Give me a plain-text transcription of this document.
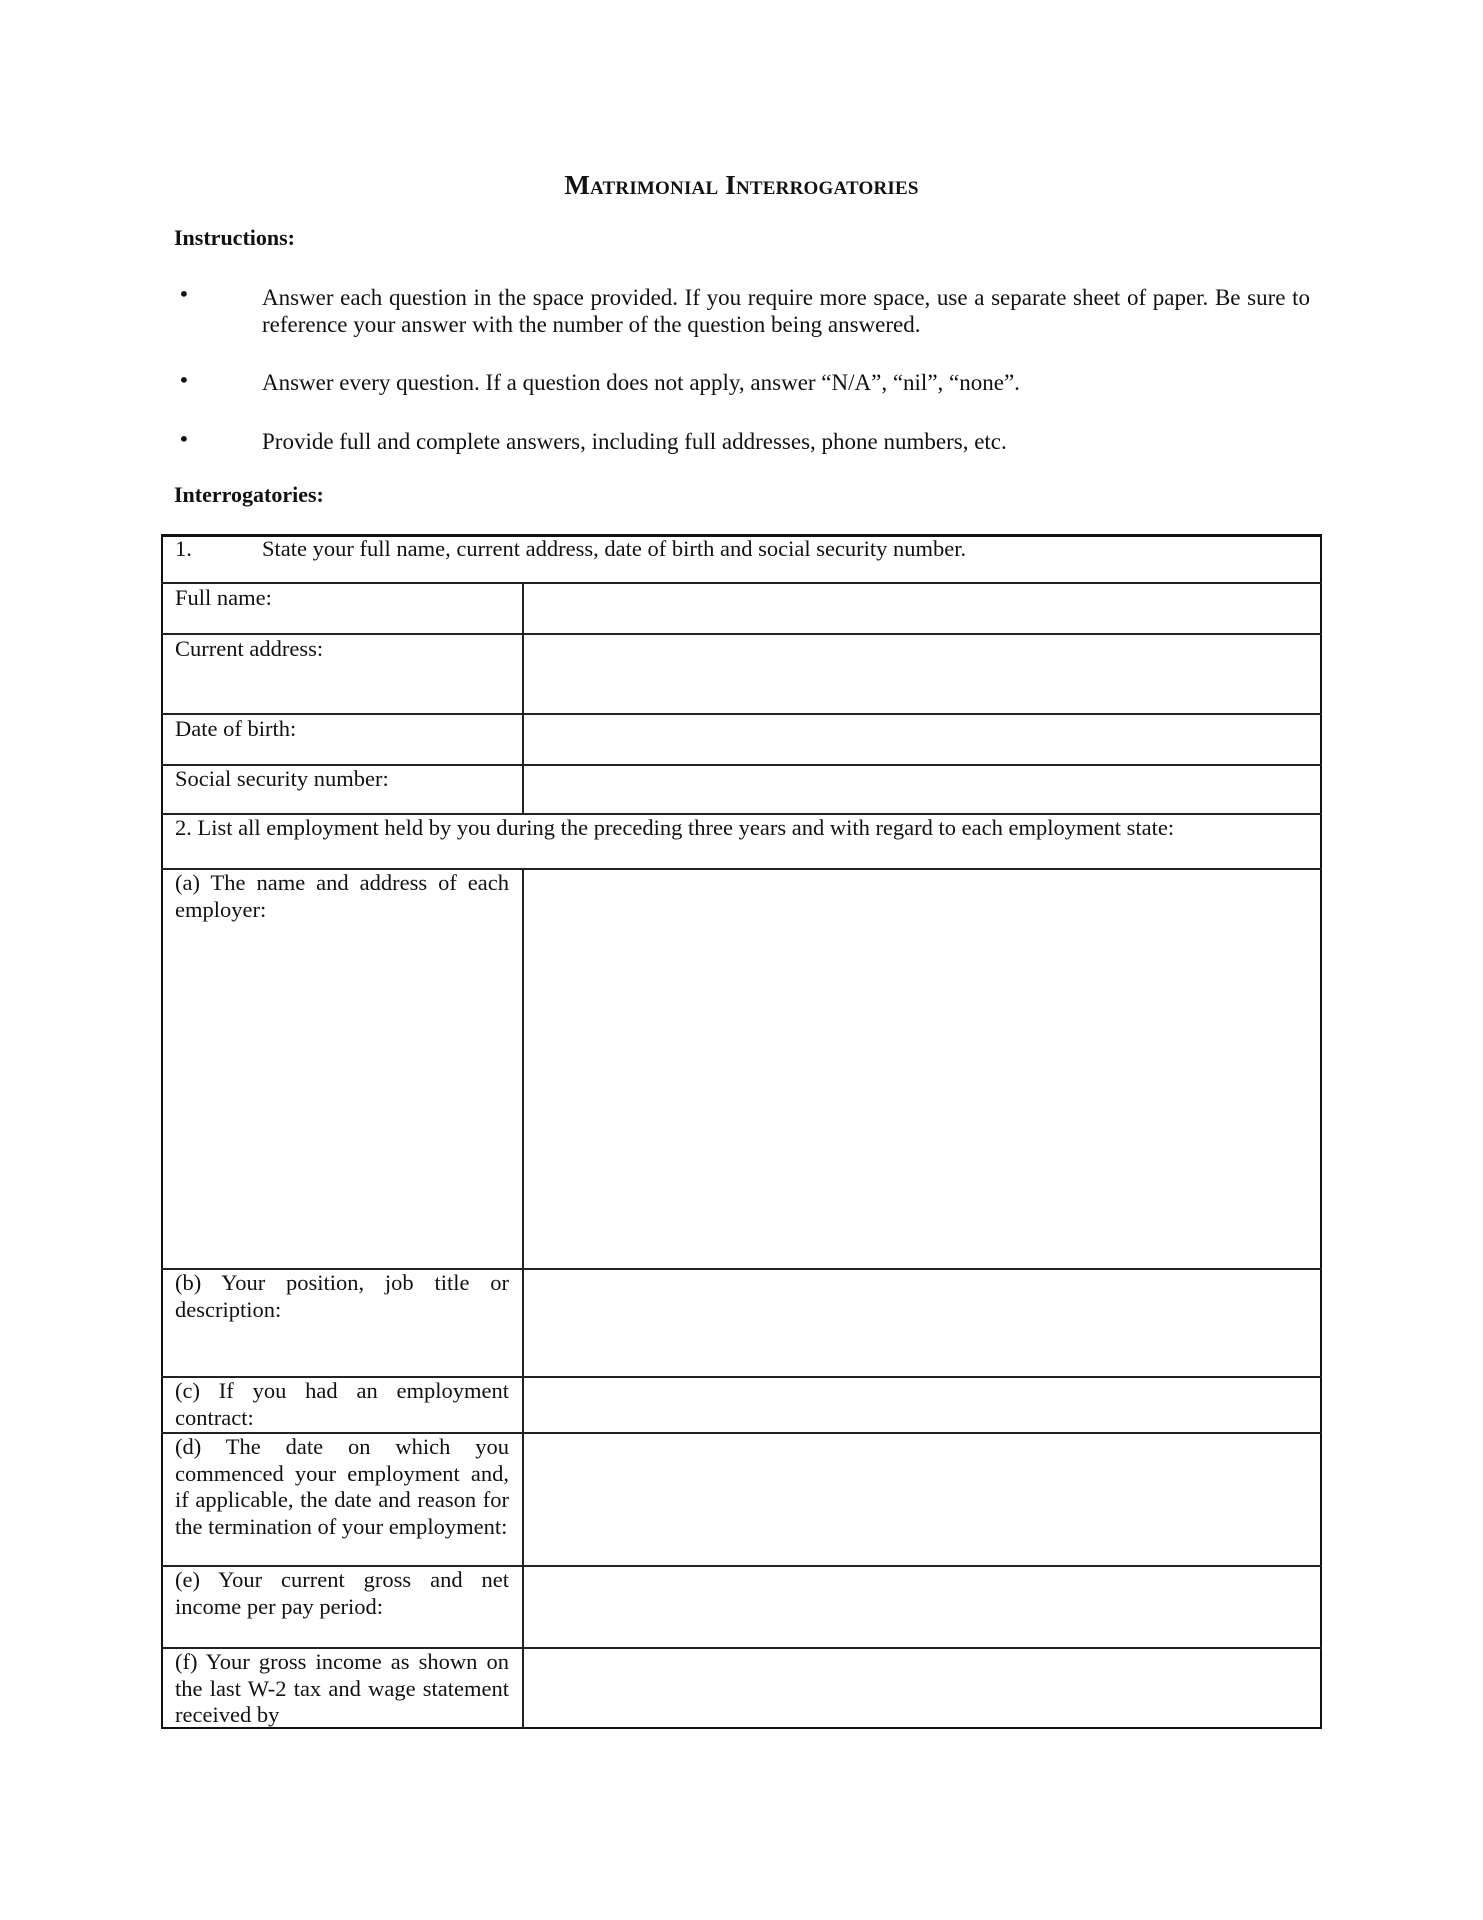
Matrimonial Interrogatories
Instructions:
•	Answer each question in the space provided. If you require more space, use a separate sheet of paper. Be sure to reference your answer with the number of the question being answered.
•	Answer every question. If a question does not apply, answer “N/A”, “nil”, “none”.
•	Provide full and complete answers, including full addresses, phone numbers, etc.
Interrogatories:
1.	State your full name, current address, date of birth and social security number.
Full name:
Current address:
Date of birth:
Social security number:
2. List all employment held by you during the preceding three years and with regard to each employment state:
(a) The name and address of each employer:
(b) Your position, job title or description:
(c) If you had an employment contract:
(d) The date on which you commenced your employment and, if applicable, the date and reason for the termination of your employment:
(e) Your current gross and net income per pay period:
(f) Your gross income as shown on the last W-2 tax and wage statement received by
